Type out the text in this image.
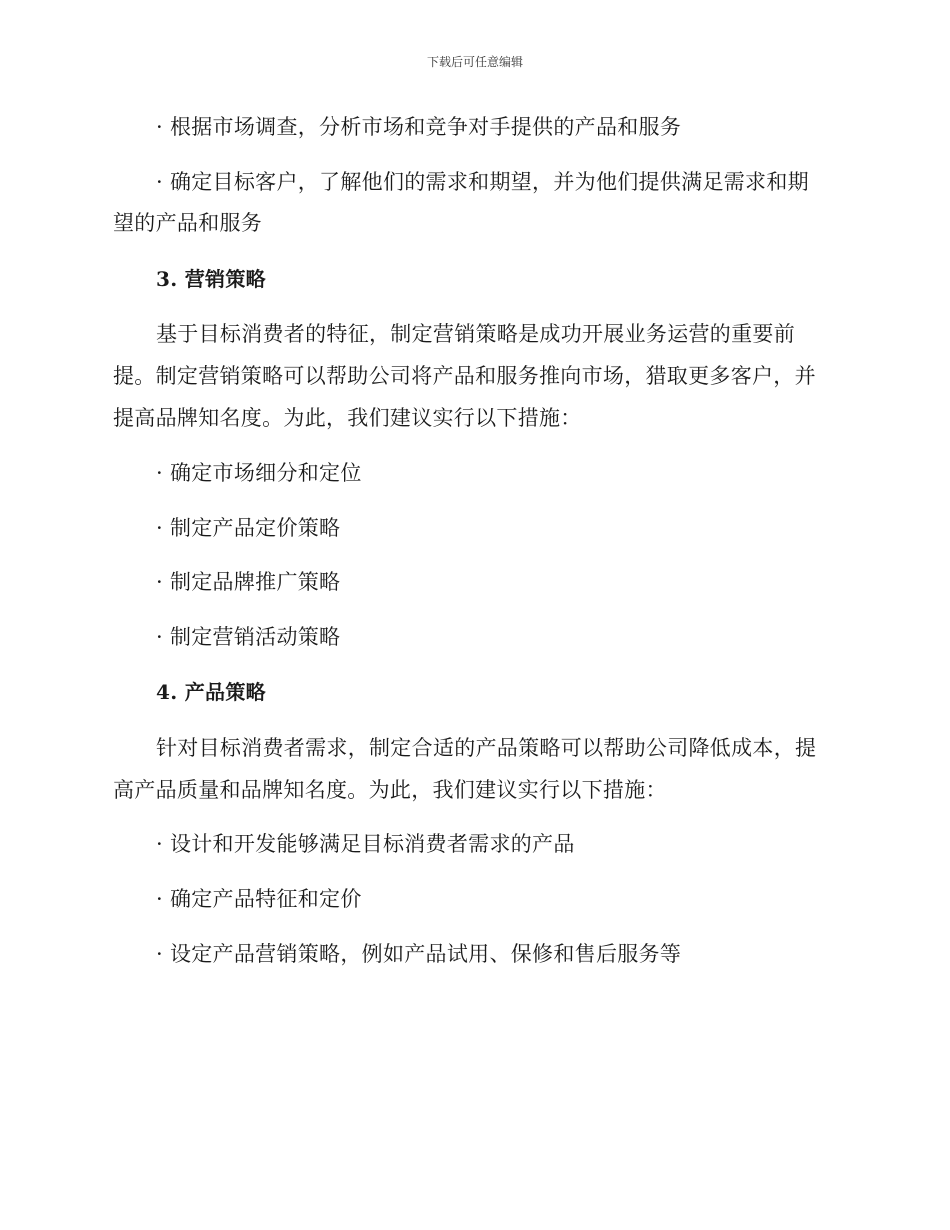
下载后可任意编辑
· 根据市场调查，分析市场和竞争对手提供的产品和服务
· 确定目标客户，了解他们的需求和期望，并为他们提供满足需求和期
望的产品和服务
3. 营销策略
基于目标消费者的特征，制定营销策略是成功开展业务运营的重要前
提。制定营销策略可以帮助公司将产品和服务推向市场，猎取更多客户，并
提高品牌知名度。为此，我们建议实行以下措施：
· 确定市场细分和定位
· 制定产品定价策略
· 制定品牌推广策略
· 制定营销活动策略
4. 产品策略
针对目标消费者需求，制定合适的产品策略可以帮助公司降低成本，提
高产品质量和品牌知名度。为此，我们建议实行以下措施：
· 设计和开发能够满足目标消费者需求的产品
· 确定产品特征和定价
· 设定产品营销策略，例如产品试用、保修和售后服务等
